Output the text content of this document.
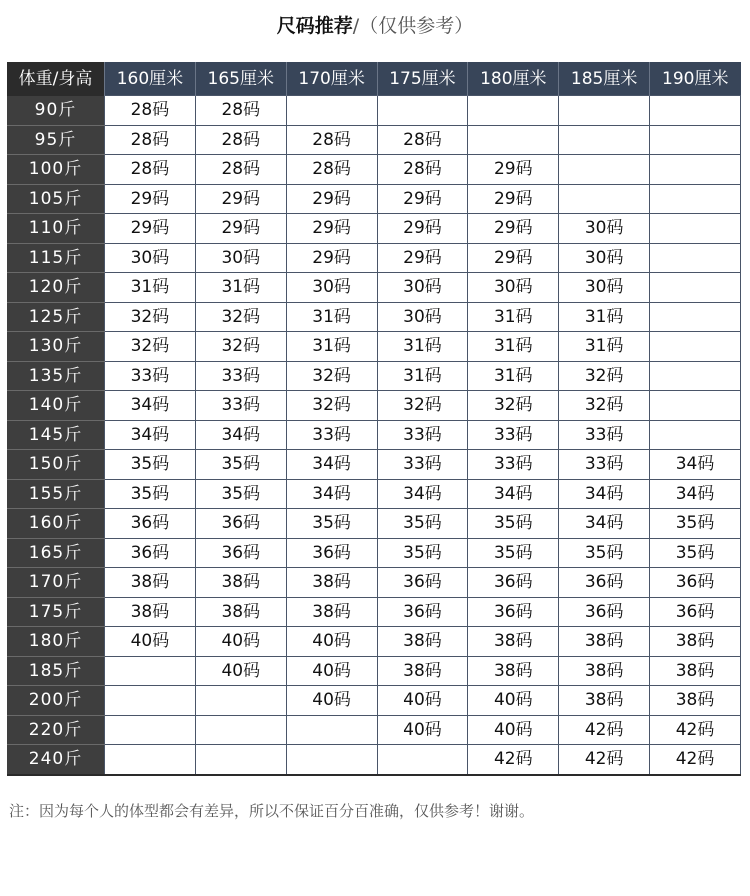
尺码推荐/（仅供参考）
体重/身高	160厘米	165厘米	170厘米	175厘米	180厘米	185厘米	190厘米
90斤	28码	28码					
95斤	28码	28码	28码	28码			
100斤	28码	28码	28码	28码	29码		
105斤	29码	29码	29码	29码	29码		
110斤	29码	29码	29码	29码	29码	30码	
115斤	30码	30码	29码	29码	29码	30码	
120斤	31码	31码	30码	30码	30码	30码	
125斤	32码	32码	31码	30码	31码	31码	
130斤	32码	32码	31码	31码	31码	31码	
135斤	33码	33码	32码	31码	31码	32码	
140斤	34码	33码	32码	32码	32码	32码	
145斤	34码	34码	33码	33码	33码	33码	
150斤	35码	35码	34码	33码	33码	33码	34码
155斤	35码	35码	34码	34码	34码	34码	34码
160斤	36码	36码	35码	35码	35码	34码	35码
165斤	36码	36码	36码	35码	35码	35码	35码
170斤	38码	38码	38码	36码	36码	36码	36码
175斤	38码	38码	38码	36码	36码	36码	36码
180斤	40码	40码	40码	38码	38码	38码	38码
185斤		40码	40码	38码	38码	38码	38码
200斤			40码	40码	40码	38码	38码
220斤				40码	40码	42码	42码
240斤					42码	42码	42码
注：因为每个人的体型都会有差异，所以不保证百分百准确，仅供参考！谢谢。
